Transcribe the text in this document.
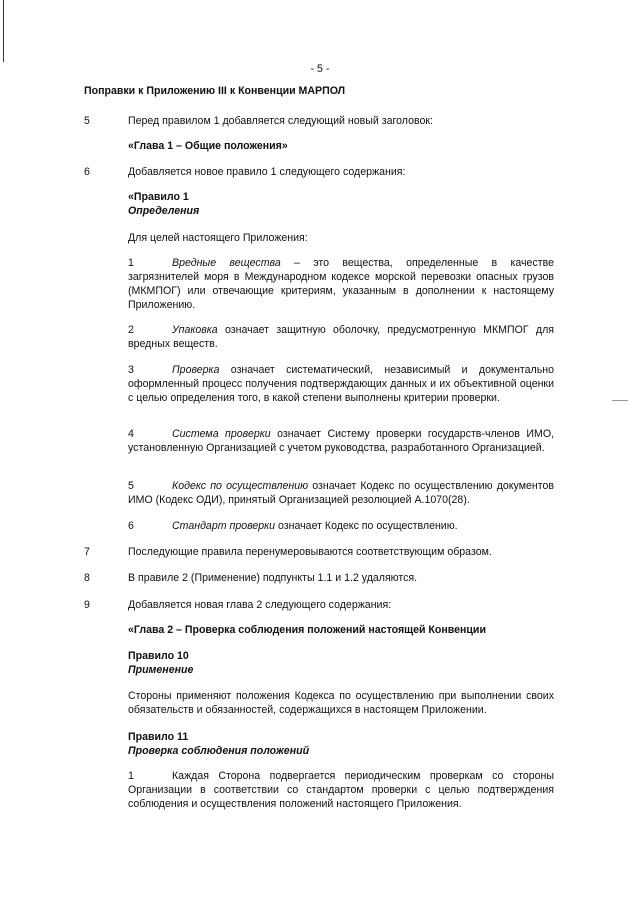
- 5 -
Поправки к Приложению III к Конвенции МАРПОЛ
5	Перед правилом 1 добавляется следующий новый заголовок:
«Глава 1 – Общие положения»
6	Добавляется новое правило 1 следующего содержания:
«Правило 1
Определения
Для целей настоящего Приложения:
1	Вредные вещества – это вещества, определенные в качестве загрязнителей моря в Международном кодексе морской перевозки опасных грузов (МКМПОГ) или отвечающие критериям, указанным в дополнении к настоящему Приложению.
2	Упаковка означает защитную оболочку, предусмотренную МКМПОГ для вредных веществ.
3	Проверка означает систематический, независимый и документально оформленный процесс получения подтверждающих данных и их объективной оценки с целью определения того, в какой степени выполнены критерии проверки.
4	Система проверки означает Систему проверки государств-членов ИМО, установленную Организацией с учетом руководства, разработанного Организацией.
5	Кодекс по осуществлению означает Кодекс по осуществлению документов ИМО (Кодекс ОДИ), принятый Организацией резолюцией A.1070(28).
6	Стандарт проверки означает Кодекс по осуществлению.
7	Последующие правила перенумеровываются соответствующим образом.
8	В правиле 2 (Применение) подпункты 1.1 и 1.2 удаляются.
9	Добавляется новая глава 2 следующего содержания:
«Глава 2 – Проверка соблюдения положений настоящей Конвенции
Правило 10
Применение
Стороны применяют положения Кодекса по осуществлению при выполнении своих обязательств и обязанностей, содержащихся в настоящем Приложении.
Правило 11
Проверка соблюдения положений
1	Каждая Сторона подвергается периодическим проверкам со стороны Организации в соответствии со стандартом проверки с целью подтверждения соблюдения и осуществления положений настоящего Приложения.
